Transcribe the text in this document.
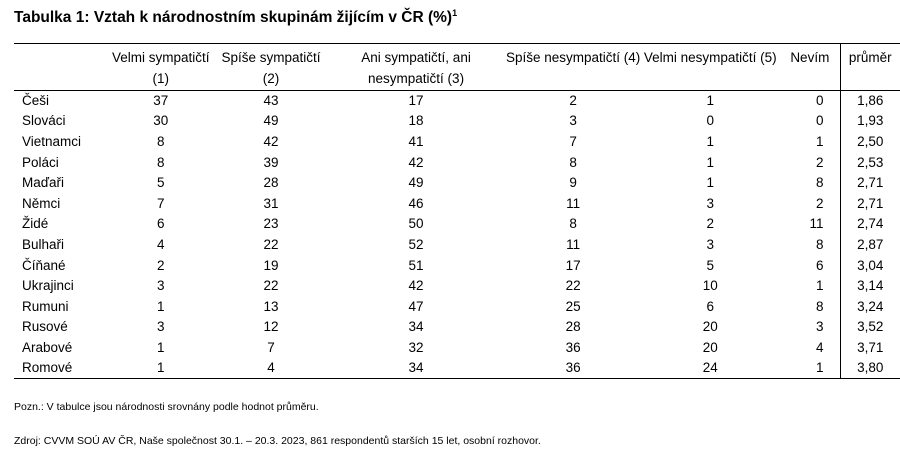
Tabulka 1: Vztah k národnostním skupinám žijícím v ČR (%)$^1$
	Velmi sympatičtí (1)	Spíše sympatičtí (2)	Ani sympatičtí, ani nesympatičtí (3)	Spíše nesympatičtí (4)	Velmi nesympatičtí (5)	Nevím	průměr
Češi	37	43	17	2	1	0	1,86
Slováci	30	49	18	3	0	0	1,93
Vietnamci	8	42	41	7	1	1	2,50
Poláci	8	39	42	8	1	2	2,53
Maďaři	5	28	49	9	1	8	2,71
Němci	7	31	46	11	3	2	2,71
Židé	6	23	50	8	2	11	2,74
Bulhaři	4	22	52	11	3	8	2,87
Číňané	2	19	51	17	5	6	3,04
Ukrajinci	3	22	42	22	10	1	3,14
Rumuni	1	13	47	25	6	8	3,24
Rusové	3	12	34	28	20	3	3,52
Arabové	1	7	32	36	20	4	3,71
Romové	1	4	34	36	24	1	3,80
Pozn.: V tabulce jsou národnosti srovnány podle hodnot průměru.
Zdroj: CVVM SOÚ AV ČR, Naše společnost 30.1. – 20.3. 2023, 861 respondentů starších 15 let, osobní rozhovor.
